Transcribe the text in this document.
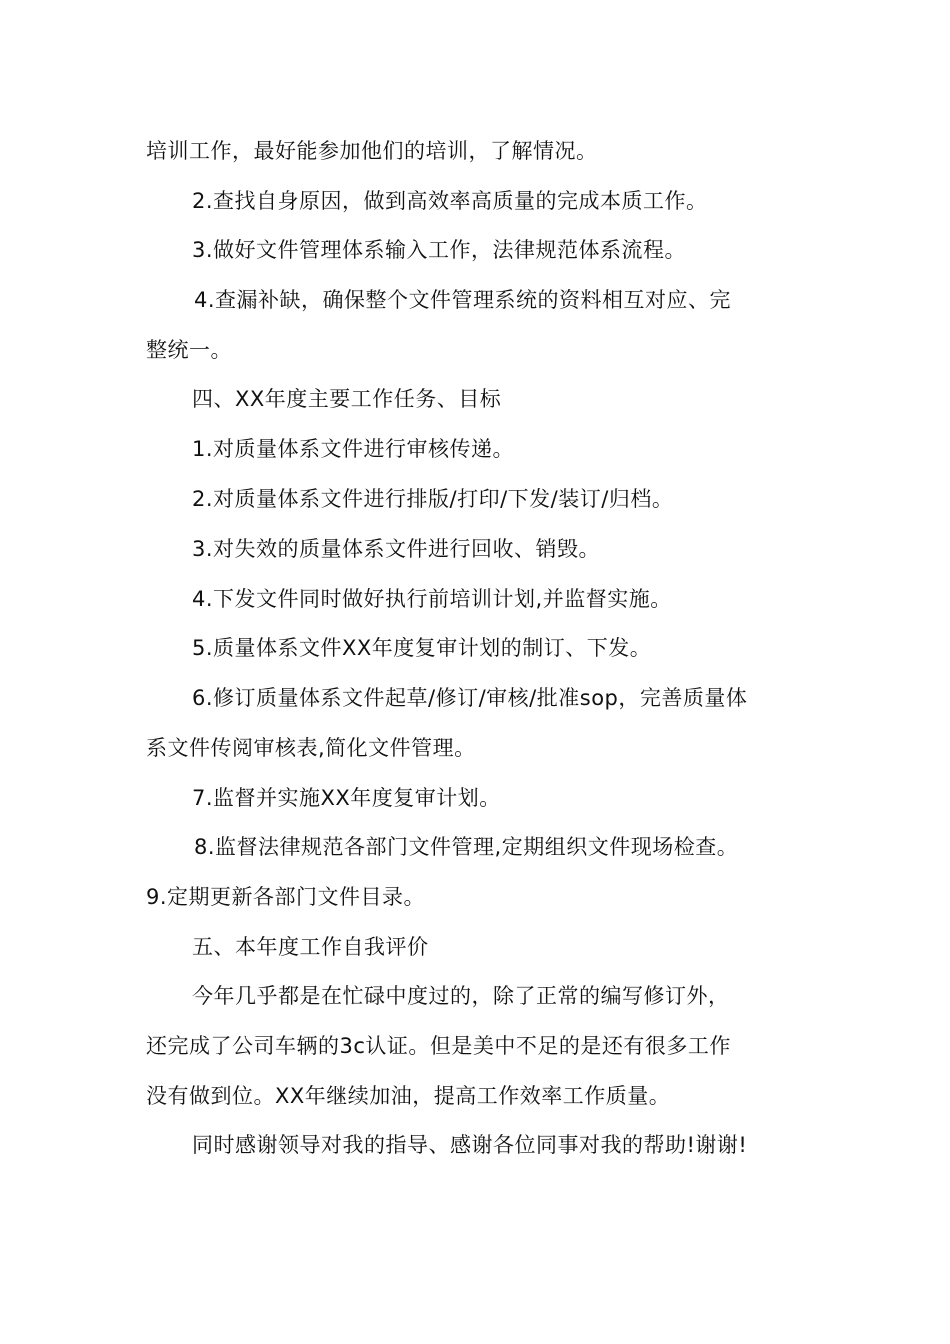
培训工作，最好能参加他们的培训，了解情况。
2.查找自身原因，做到高效率高质量的完成本质工作。
3.做好文件管理体系输入工作，法律规范体系流程。
4.查漏补缺，确保整个文件管理系统的资料相互对应、完
整统一。
四、XX年度主要工作任务、目标
1.对质量体系文件进行审核传递。
2.对质量体系文件进行排版/打印/下发/装订/归档。
3.对失效的质量体系文件进行回收、销毁。
4.下发文件同时做好执行前培训计划,并监督实施。
5.质量体系文件XX年度复审计划的制订、下发。
6.修订质量体系文件起草/修订/审核/批准sop，完善质量体
系文件传阅审核表,简化文件管理。
7.监督并实施XX年度复审计划。
8.监督法律规范各部门文件管理,定期组织文件现场检查。
9.定期更新各部门文件目录。
五、本年度工作自我评价
今年几乎都是在忙碌中度过的，除了正常的编写修订外，
还完成了公司车辆的3c认证。但是美中不足的是还有很多工作
没有做到位。XX年继续加油，提高工作效率工作质量。
同时感谢领导对我的指导、感谢各位同事对我的帮助!谢谢!
